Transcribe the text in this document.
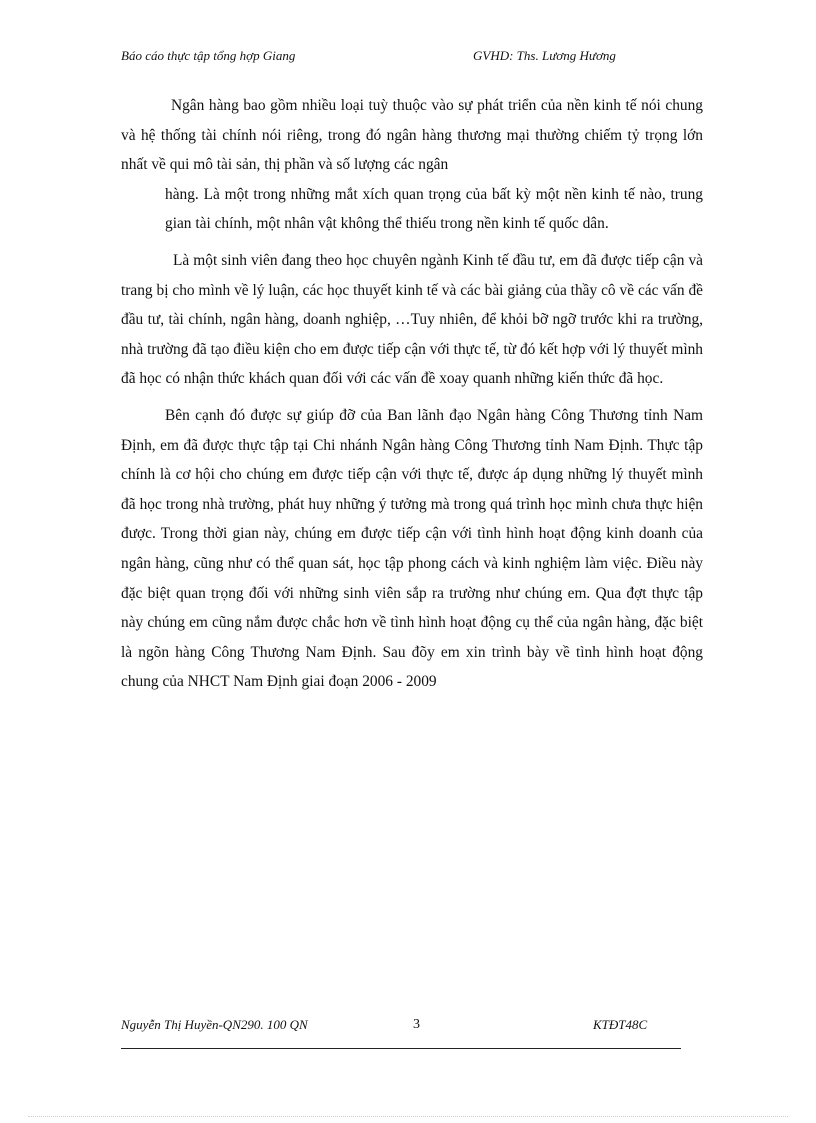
Báo cáo thực tập tổng hợp Giang	GVHD: Ths. Lương Hương

Ngân hàng bao gồm nhiều loại tuỳ thuộc vào sự phát triển của nền kinh tế nói chung và hệ thống tài chính nói riêng, trong đó ngân hàng thương mại thường chiếm tỷ trọng lớn nhất về qui mô tài sản, thị phần và số lượng các ngân
hàng. Là một trong những mắt xích quan trọng của bất kỳ một nền kinh tế nào, trung gian tài chính, một nhân vật không thể thiếu trong nền kinh tế quốc dân.

Là một sinh viên đang theo học chuyên ngành Kinh tế đầu tư, em đã được tiếp cận và trang bị cho mình về lý luận, các học thuyết kinh tế và các bài giảng của thầy cô về các vấn đề đầu tư, tài chính, ngân hàng, doanh nghiệp, …Tuy nhiên, để khỏi bỡ ngỡ trước khi ra trường, nhà trường đã tạo điều kiện cho em được tiếp cận với thực tế, từ đó kết hợp với lý thuyết mình đã học có nhận thức khách quan đối với các vấn đề xoay quanh những kiến thức đã học.

Bên cạnh đó được sự giúp đỡ của Ban lãnh đạo Ngân hàng Công Thương tỉnh Nam Định, em đã được thực tập tại Chi nhánh Ngân hàng Công Thương tỉnh Nam Định. Thực tập chính là cơ hội cho chúng em được tiếp cận với thực tế, được áp dụng những lý thuyết mình đã học trong nhà trường, phát huy những ý tưởng mà trong quá trình học mình chưa thực hiện được. Trong thời gian này, chúng em được tiếp cận với tình hình hoạt động kinh doanh của ngân hàng, cũng như có thể quan sát, học tập phong cách và kinh nghiệm làm việc. Điều này đặc biệt quan trọng đối với những sinh viên sắp ra trường như chúng em. Qua đợt thực tập này chúng em cũng nắm được chắc hơn về tình hình hoạt động cụ thể của ngân hàng, đặc biệt là ngõn hàng Công Thương Nam Định. Sau đõy em xin trình bày về tình hình hoạt động chung của NHCT Nam Định giai đoạn 2006 - 2009

Nguyễn Thị Huyền-QN290. 100 QN	3	KTĐT48C
